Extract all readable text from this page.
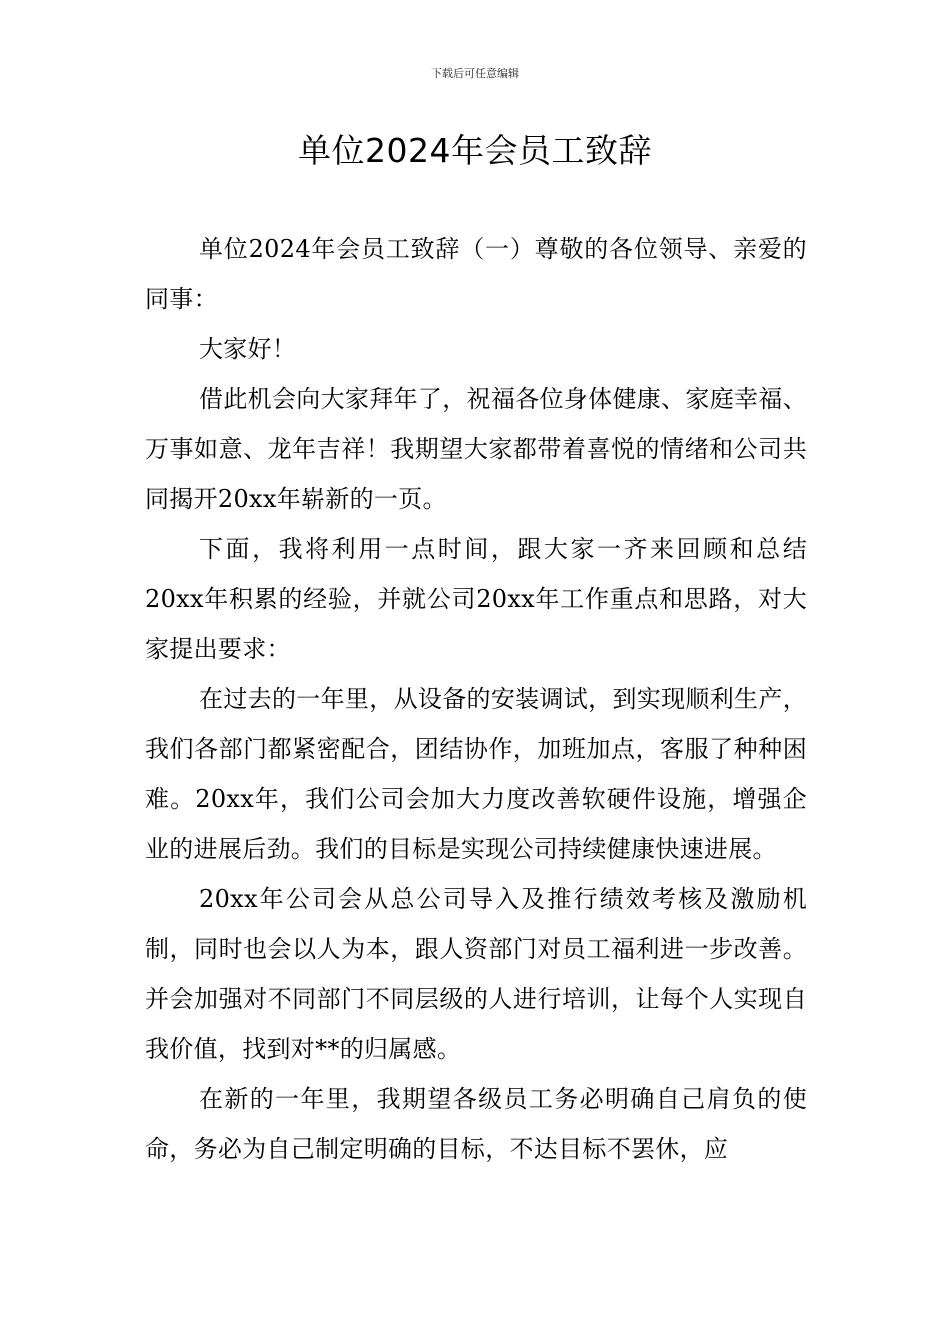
下载后可任意编辑
单位2024年会员工致辞

单位2024年会员工致辞（一）尊敬的各位领导、亲爱的同事：

大家好！

借此机会向大家拜年了，祝福各位身体健康、家庭幸福、万事如意、龙年吉祥！我期望大家都带着喜悦的情绪和公司共同揭开20xx年崭新的一页。

下面，我将利用一点时间，跟大家一齐来回顾和总结20xx年积累的经验，并就公司20xx年工作重点和思路，对大家提出要求：

在过去的一年里，从设备的安装调试，到实现顺利生产，我们各部门都紧密配合，团结协作，加班加点，客服了种种困难。20xx年，我们公司会加大力度改善软硬件设施，增强企业的进展后劲。我们的目标是实现公司持续健康快速进展。

20xx年公司会从总公司导入及推行绩效考核及激励机制，同时也会以人为本，跟人资部门对员工福利进一步改善。并会加强对不同部门不同层级的人进行培训，让每个人实现自我价值，找到对**的归属感。

在新的一年里，我期望各级员工务必明确自己肩负的使命，务必为自己制定明确的目标，不达目标不罢休，应
